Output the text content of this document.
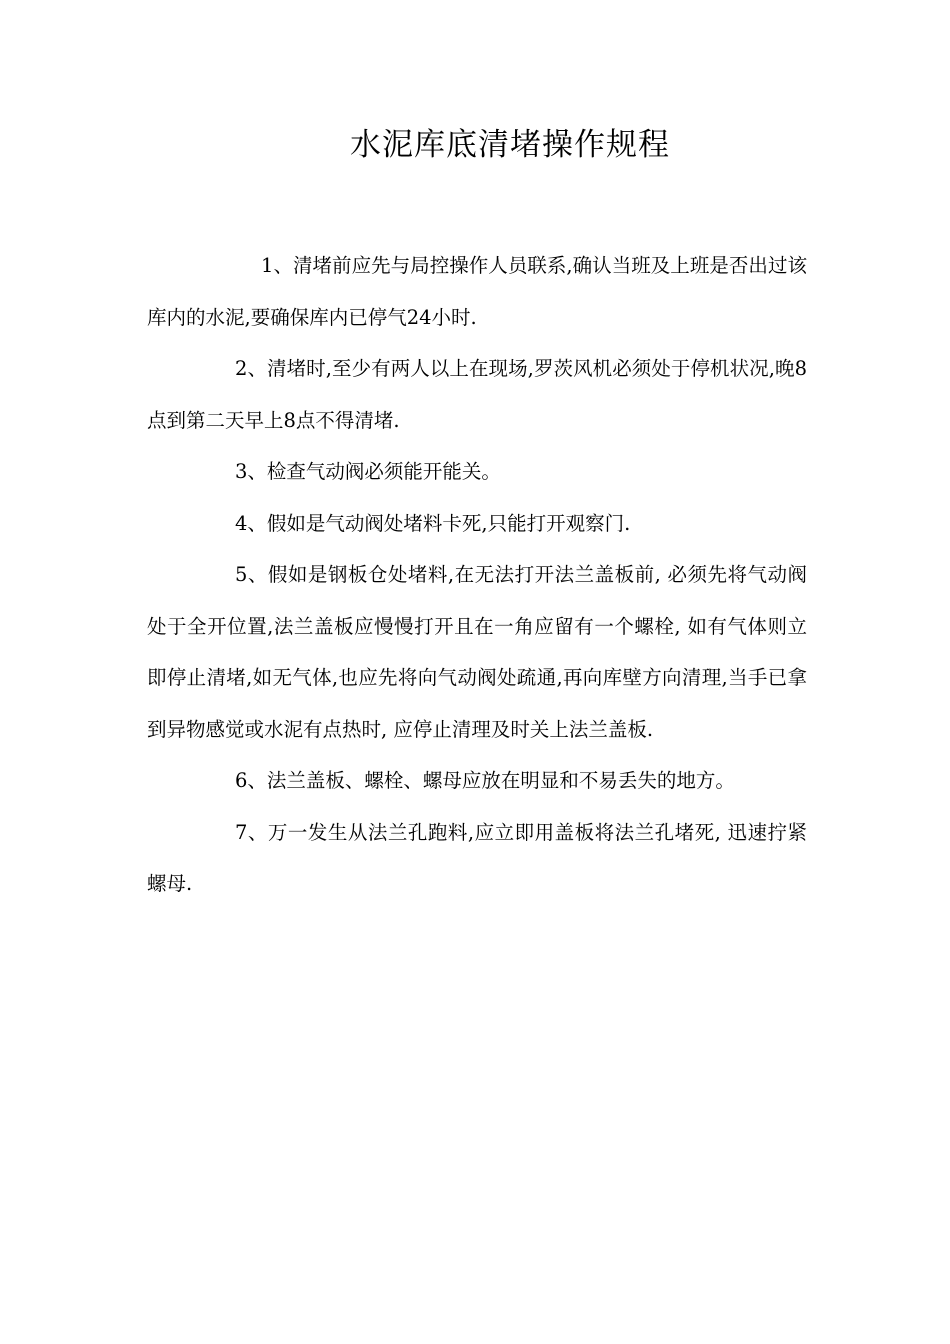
水泥库底清堵操作规程

1、清堵前应先与局控操作人员联系,确认当班及上班是否出过该库内的水泥,要确保库内已停气24小时.

2、清堵时,至少有两人以上在现场,罗茨风机必须处于停机状况,晚8点到第二天早上8点不得清堵.

3、检查气动阀必须能开能关。

4、假如是气动阀处堵料卡死,只能打开观察门.

5、假如是钢板仓处堵料,在无法打开法兰盖板前, 必须先将气动阀处于全开位置,法兰盖板应慢慢打开且在一角应留有一个螺栓, 如有气体则立即停止清堵,如无气体,也应先将向气动阀处疏通,再向库壁方向清理,当手已拿到异物感觉或水泥有点热时, 应停止清理及时关上法兰盖板.

6、法兰盖板、螺栓、螺母应放在明显和不易丢失的地方。

7、万一发生从法兰孔跑料,应立即用盖板将法兰孔堵死, 迅速拧紧螺母.
